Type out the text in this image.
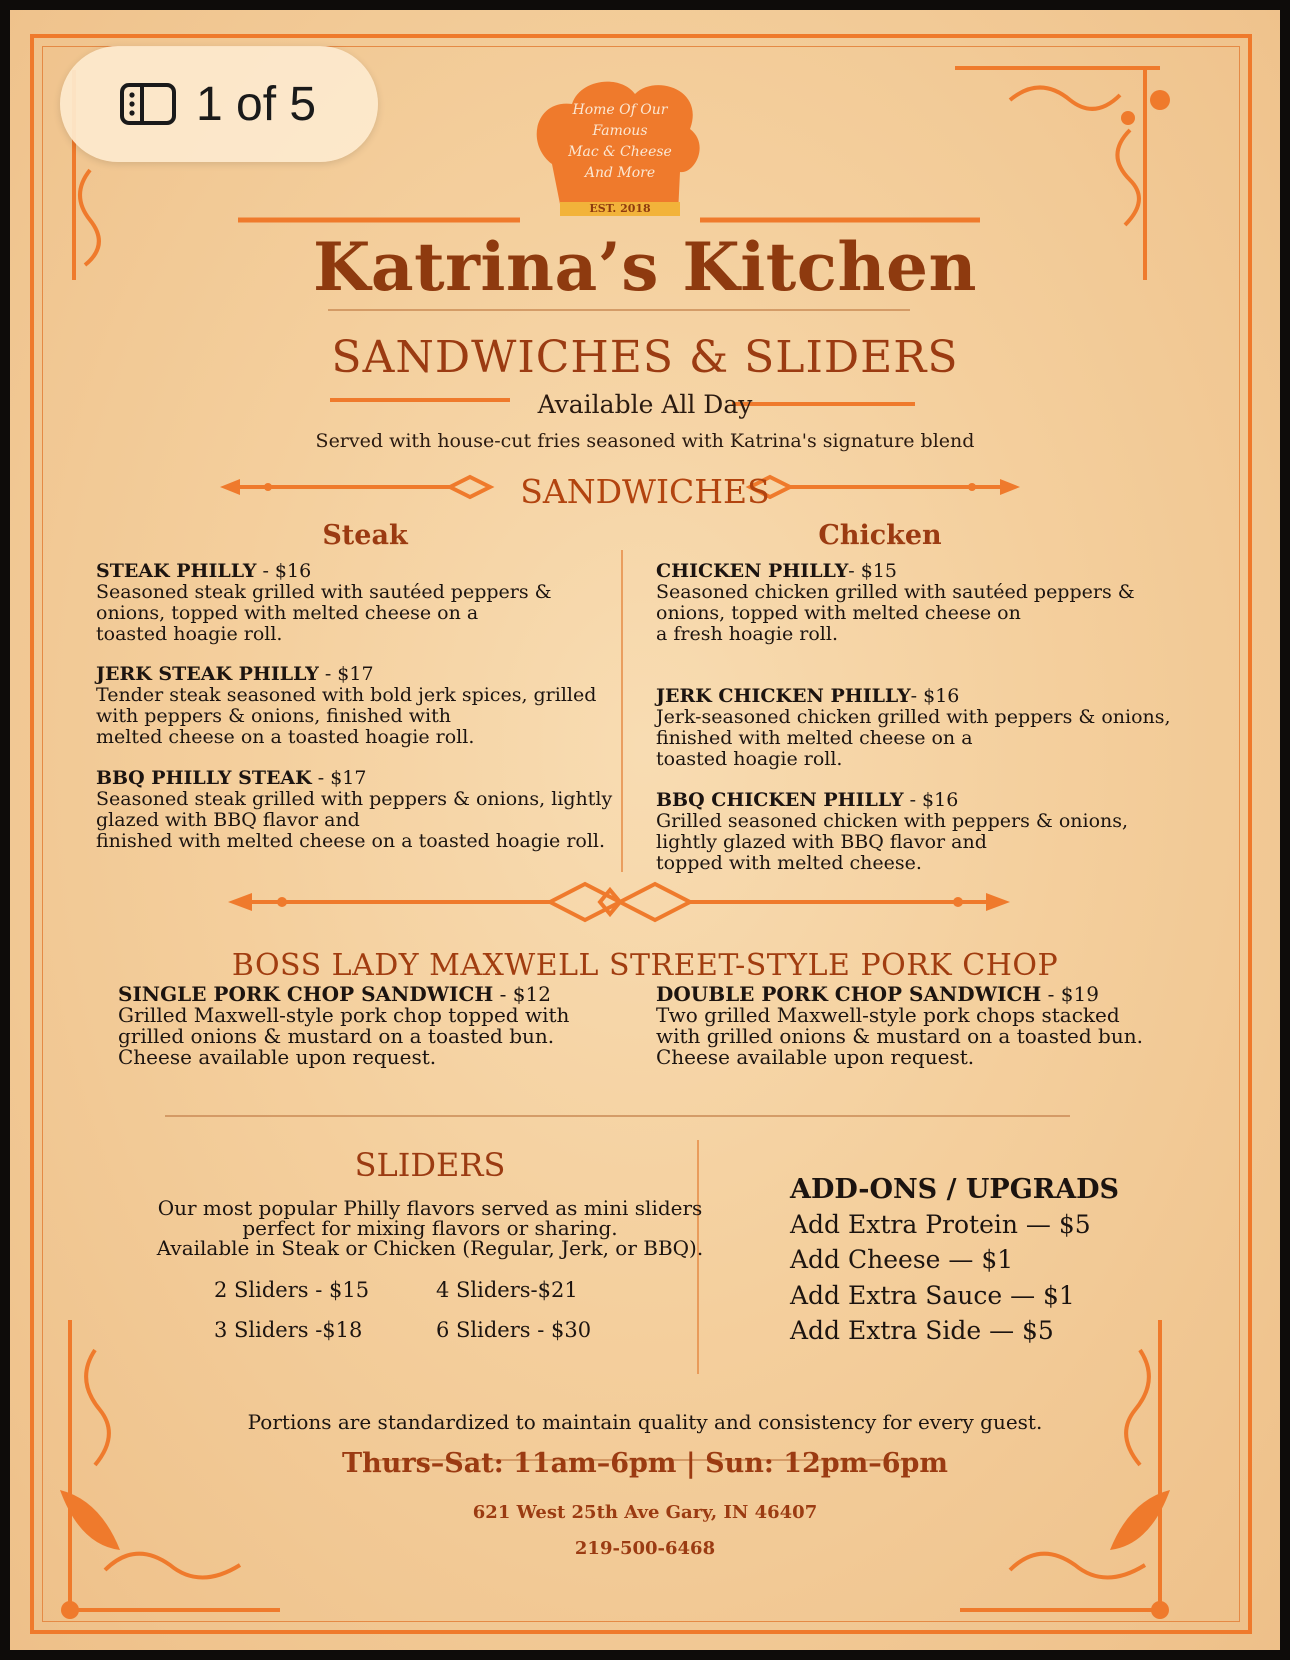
Home Of Our
Famous
Mac & Cheese
And More
EST. 2018
1 of 5
Katrina’s Kitchen
SANDWICHES & SLIDERS
Available All Day
Served with house-cut fries seasoned with Katrina's signature blend
SANDWICHES
Steak
STEAK PHILLY - $16
Seasoned steak grilled with sautéed peppers &
onions, topped with melted cheese on a
toasted hoagie roll.
JERK STEAK PHILLY - $17
Tender steak seasoned with bold jerk spices, grilled
with peppers & onions, finished with
melted cheese on a toasted hoagie roll.
BBQ PHILLY STEAK - $17
Seasoned steak grilled with peppers & onions, lightly
glazed with BBQ flavor and
finished with melted cheese on a toasted hoagie roll.
Chicken
CHICKEN PHILLY- $15
Seasoned chicken grilled with sautéed peppers &
onions, topped with melted cheese on
a fresh hoagie roll.
JERK CHICKEN PHILLY- $16
Jerk-seasoned chicken grilled with peppers & onions,
finished with melted cheese on a
toasted hoagie roll.
BBQ CHICKEN PHILLY - $16
Grilled seasoned chicken with peppers & onions,
lightly glazed with BBQ flavor and
topped with melted cheese.
BOSS LADY MAXWELL STREET-STYLE PORK CHOP
SINGLE PORK CHOP SANDWICH - $12
Grilled Maxwell-style pork chop topped with
grilled onions & mustard on a toasted bun.
Cheese available upon request.
DOUBLE PORK CHOP SANDWICH - $19
Two grilled Maxwell-style pork chops stacked
with grilled onions & mustard on a toasted bun.
Cheese available upon request.
SLIDERS
Our most popular Philly flavors served as mini sliders
perfect for mixing flavors or sharing.
Available in Steak or Chicken (Regular, Jerk, or BBQ).
2 Sliders - $15	4 Sliders-$21
3 Sliders -$18	6 Sliders - $30
ADD-ONS / UPGRADS
Add Extra Protein — $5
Add Cheese — $1
Add Extra Sauce — $1
Add Extra Side — $5
Portions are standardized to maintain quality and consistency for every guest.
Thurs–Sat: 11am–6pm | Sun: 12pm–6pm
621 West 25th Ave Gary, IN 46407
219-500-6468
